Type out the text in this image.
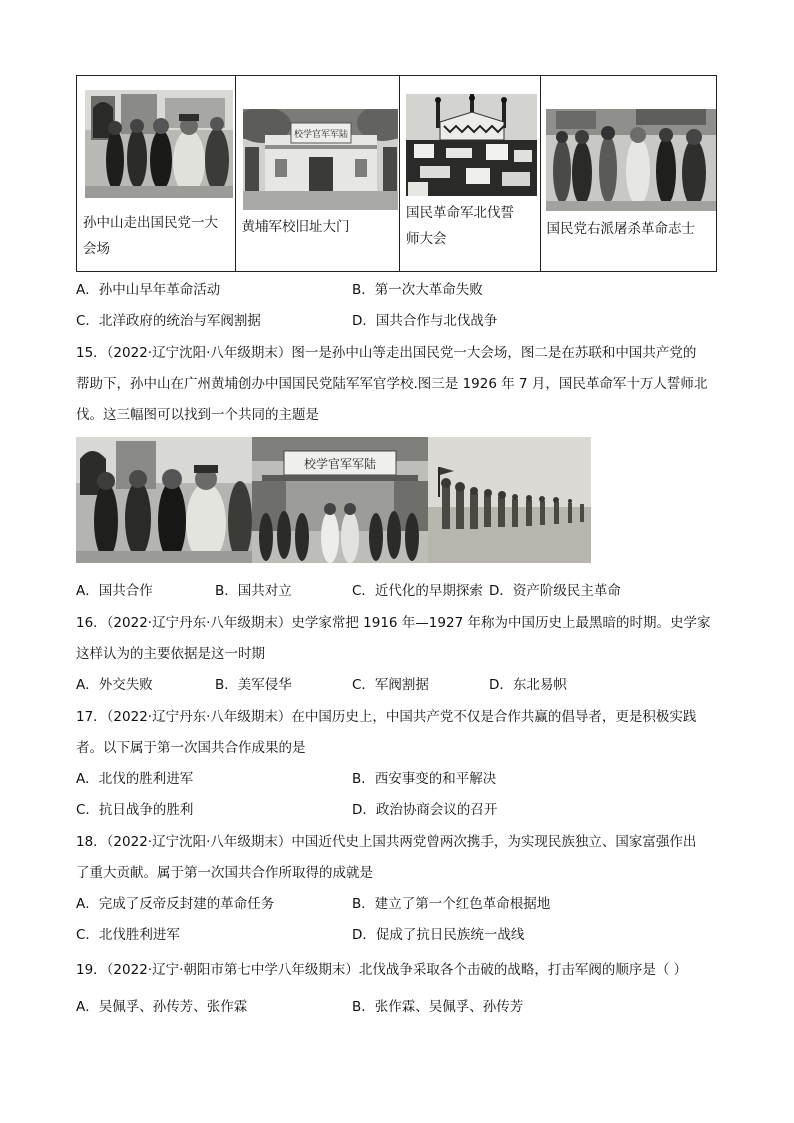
孙中山走出国民党一大
会场
校学官军军陆
黄埔军校旧址大门
国民革命军北伐誓
师大会
国民党右派屠杀革命志士
A．孙中山早年革命活动	B．第一次大革命失败
C．北洋政府的统治与军阀割据	D．国共合作与北伐战争
15．（2022·辽宁沈阳·八年级期末）图一是孙中山等走出国民党一大会场，图二是在苏联和中国共产党的
帮助下，孙中山在广州黄埔创办中国国民党陆军军官学校.图三是 1926 年 7 月，国民革命军十万人誓师北
伐。这三幅图可以找到一个共同的主题是
校学官军军陆
A．国共合作	B．国共对立	C．近代化的早期探索 D．资产阶级民主革命
16．（2022·辽宁丹东·八年级期末）史学家常把 1916 年—1927 年称为中国历史上最黑暗的时期。史学家
这样认为的主要依据是这一时期
A．外交失败	B．美军侵华	C．军阀割据	D．东北易帜
17．（2022·辽宁丹东·八年级期末）在中国历史上，中国共产党不仅是合作共赢的倡导者，更是积极实践
者。以下属于第一次国共合作成果的是
A．北伐的胜利进军	B．西安事变的和平解决
C．抗日战争的胜利	D．政治协商会议的召开
18．（2022·辽宁沈阳·八年级期末）中国近代史上国共两党曾两次携手，为实现民族独立、国家富强作出
了重大贡献。属于第一次国共合作所取得的成就是
A．完成了反帝反封建的革命任务	B．建立了第一个红色革命根据地
C．北伐胜利进军	D．促成了抗日民族统一战线
19．（2022·辽宁·朝阳市第七中学八年级期末）北伐战争采取各个击破的战略，打击军阀的顺序是（ ）
A．吴佩孚、孙传芳、张作霖	B．张作霖、吴佩孚、孙传芳
